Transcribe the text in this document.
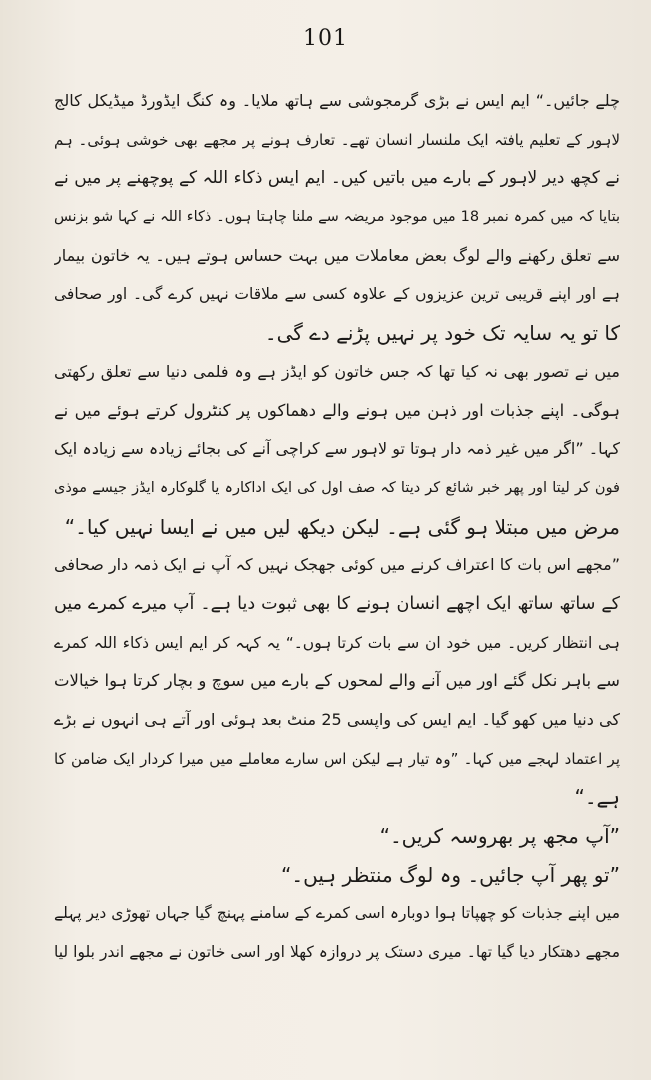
101
چلے جائیں۔“ ایم ایس نے بڑی گرمجوشی سے ہاتھ ملایا۔ وہ کنگ ایڈورڈ میڈیکل کالج
لاہور کے تعلیم یافتہ ایک ملنسار انسان تھے۔ تعارف ہونے پر مجھے بھی خوشی ہوئی۔ ہم
نے کچھ دیر لاہور کے بارے میں باتیں کیں۔ ایم ایس ذکاء اللہ کے پوچھنے پر میں نے
بتایا کہ میں کمرہ نمبر 18 میں موجود مریضہ سے ملنا چاہتا ہوں۔ ذکاء اللہ نے کہا شو بزنس
سے تعلق رکھنے والے لوگ بعض معاملات میں بہت حساس ہوتے ہیں۔ یہ خاتون بیمار
ہے اور اپنے قریبی ترین عزیزوں کے علاوہ کسی سے ملاقات نہیں کرے گی۔ اور صحافی
کا تو یہ سایہ تک خود پر نہیں پڑنے دے گی۔
میں نے تصور بھی نہ کیا تھا کہ جس خاتون کو ایڈز ہے وہ فلمی دنیا سے تعلق رکھتی
ہوگی۔ اپنے جذبات اور ذہن میں ہونے والے دھماکوں پر کنٹرول کرتے ہوئے میں نے
کہا۔ ”اگر میں غیر ذمہ دار ہوتا تو لاہور سے کراچی آنے کی بجائے زیادہ سے زیادہ ایک
فون کر لیتا اور پھر خبر شائع کر دیتا کہ صف اول کی ایک اداکارہ یا گلوکارہ ایڈز جیسے موذی
مرض میں مبتلا ہو گئی ہے۔ لیکن دیکھ لیں میں نے ایسا نہیں کیا۔“
”مجھے اس بات کا اعتراف کرنے میں کوئی جھجک نہیں کہ آپ نے ایک ذمہ دار صحافی
کے ساتھ ساتھ ایک اچھے انسان ہونے کا بھی ثبوت دیا ہے۔ آپ میرے کمرے میں
ہی انتظار کریں۔ میں خود ان سے بات کرتا ہوں۔“ یہ کہہ کر ایم ایس ذکاء اللہ کمرے
سے باہر نکل گئے اور میں آنے والے لمحوں کے بارے میں سوچ و بچار کرتا ہوا خیالات
کی دنیا میں کھو گیا۔ ایم ایس کی واپسی 25 منٹ بعد ہوئی اور آتے ہی انہوں نے بڑے
پر اعتماد لہجے میں کہا۔ ”وہ تیار ہے لیکن اس سارے معاملے میں میرا کردار ایک ضامن کا
ہے۔“
”آپ مجھ پر بھروسہ کریں۔“
”تو پھر آپ جائیں۔ وہ لوگ منتظر ہیں۔“
میں اپنے جذبات کو چھپاتا ہوا دوبارہ اسی کمرے کے سامنے پہنچ گیا جہاں تھوڑی دیر پہلے
مجھے دھتکار دیا گیا تھا۔ میری دستک پر دروازہ کھلا اور اسی خاتون نے مجھے اندر بلوا لیا
